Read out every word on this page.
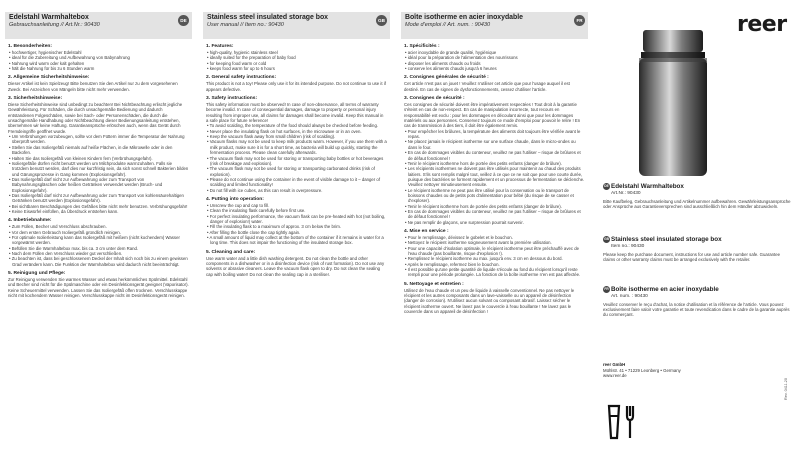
Edelstahl Warmhaltebox
Gebrauchsanleitung // Art.Nr.: 90430
DE
1. Besonderheiten:
• hochwertiger, hygienischer Edelstahl
• ideal für die Zubereitung und Aufbewahrung von Babynahrung
• Nahrung wird warm oder kalt gehalten
• hält die Nahrung für bis zu 6 Stunden warm
2. Allgemeine Sicherheitshinweise:
Dieser Artikel ist kein Spielzeug! Bitte benutzen Sie den Artikel nur zu dem vorgesehenen Zweck. Bei Anzeichen von Mängeln bitte nicht mehr verwenden.
3. Sicherheitshinweise:
Diese Sicherheitshinweise sind unbedingt zu beachten! Bei Nichtbeachtung erlischt jegliche Gewährleistung. Für Schäden, die durch unsachgemäße Bedienung und dadurch entstandenen Folgeschäden, sowie bei Sach- oder Personenschäden, die durch die unsachgemäße Handhabung oder Nichtbeachtung dieser Bedienungsanleitung entstehen, übernehmen wir keine Haftung. Garantieansprüche erlöschen auch, wenn das Gerät durch Fremdeingriffe geöffnet wurde.
• Um Verbrühungen vorzubeugen, sollte vor dem Füttern immer die Temperatur der Nahrung überprüft werden.
• Stellen Sie das Isoliergefäß niemals auf heiße Flächen, in die Mikrowelle oder in den Backofen.
• Halten Sie das Isoliergefäß von kleinen Kindern fern (Verbrühungsgefahr).
• Isoliergefäße dürfen nicht benutzt werden um Milchprodukte warmzuhalten. Falls sie trotzdem benutzt werden, darf dies nur kurzfristig sein, da sich sonst schnell Bakterien bilden und Gärungsprozesse in Gang kommen (Explosionsgefahr).
• Das Isoliergefäß darf nicht zur Aufbewahrung oder zum Transport von Babynahrungsgläschen oder heißen Getränken verwendet werden (Bruch- und Explosionsgefahr).
• Das Isoliergefäß darf nicht zur Aufbewahrung oder zum Transport von kohlensäurehaltigen Getränken benutzt werden (Explosionsgefahr).
• Bei sichtbaren Beschädigungen des Gefäßes bitte nicht mehr benutzen. Verbrühungsgefahr!
• Keine Eiswürfel einfüllen, da Überdruck entstehen kann.
4. Inbetriebnahme:
• Zum Füllen, Becher und Verschluss abschrauben.
• Vor dem ersten Gebrauch Isoliergefäß gründlich reinigen.
• Für optimale Isolierleistung kann das Isoliergefäß mit heißem (nicht kochendem) Wasser vorgewärmt werden.
• Befüllen Sie die Warmhaltebox max. bis ca. 3 cm unter dem Rand.
• Nach dem Füllen den Verschluss wieder gut verschließen.
• Zu beachten ist, dass bei geschlossenem Deckel der Inhalt sich noch bis zu einem gewissen Grad verändern kann. Die Funktion der Warmhaltebox wird dadurch nicht beeinträchtigt.
5. Reinigung und Pflege:
Zur Reinigung verwenden Sie warmes Wasser und etwas herkömmliches Spülmittel. Edelstahl und Becher sind nicht für die Spülmaschine oder ein Desinfektionsgerät geeignet (Vaporisator). Keine Scheuermittel verwenden. Lassen Sie das Isoliergefäß offen trocknen. Verschlusskappe nicht mit kochendem Wasser reinigen. Verschlusskappe nicht im Desinfektionsgerät reinigen.
Stainless steel insulated storage box
User manual // Item no.: 90430
GB
1. Features:
• high-quality, hygienic stainless steel
• ideally suited for the preparation of baby food
• for keeping food warm or cold
• keeps food warm for up to 6 hours
2. General safety instructions:
This product is not a toy! Please only use it for its intended purpose. Do not continue to use it if appears defective.
3. Safety instructions:
This safety information must be observed! In case of non-observance, all terms of warranty become invalid. In case of consequential damages, damage to property or personal injury resulting from improper use, all claims for damages shall become invalid. Keep this manual in a safe place for future reference!
• To avoid scalding, the temperature of the food should always be checked before feeding.
• Never place the insulating flask on hot surfaces, in the microwave or in an oven.
• Keep the vacuum flask away from small children (risk of scalding).
• Vacuum flasks may not be used to keep milk products warm. However, if you use them with a milk product, make sure it is for a short time, as bacteria will build up quickly, starting the fermentation process. Please clean carefully afterwards.
• The vacuum flask may not be used for storing or transporting baby bottles or hot beverages (risk of breakage and explosion).
• The vacuum flask may not be used for storing or transporting carbonated drinks (risk of explosion).
• Please do not continue using the container in the event of visible damage to it – danger of scalding and limited functionality!
• Do not fill with ice cubes, as this can result in overpressure.
4. Putting into operation:
• Unscrew the cup and cap to fill.
• Clean the insulating flask carefully before first use.
• For perfect insulating performance, the vacuum flask can be pre-heated with hot (not boiling, danger of explosion!) water.
• Fill the insulating flask to a maximum of approx. 3 cm below the brim.
• After filling the bottle close the cap tightly again.
• A small amount of liquid may collect at the bottom of the container if it remains in water for a long time. This does not impair the functioning of the insulated storage box.
5. Cleaning and care:
Use warm water and a little dish washing detergent. Do not clean the bottle and other components in a dishwasher or in a disinfection device (risk of rust formation). Do not use any solvents or abrasive cleaners. Leave the vacuum flask open to dry. Do not clean the sealing cap with boiling water! Do not clean the sealing cap in a steriliser.
Boîte isotherme en acier inoxydable
Mode d'emploi // Art. num. : 90430
FR
1. Spécificités :
• acier inoxydable de grande qualité, hygiénique
• idéal pour la préparation de l'alimentation des nourrissons
• disposer les aliments chauds ou froids
• conserve les aliments chauds jusqu'à 6 heures
2. Consignes générales de sécurité :
Cet article n'est pas un jouet ! Veuillez n'utiliser cet article que pour l'usage auquel il est destiné. En cas de signes de dysfonctionnements, cessez d'utiliser l'article.
3. Consignes de sécurité :
Ces consignes de sécurité doivent être impérativement respectées ! Tout droit à la garantie s'éteint en cas de non-respect. En cas de manipulation incorrecte, tout recours en responsabilité est exclu : pour les dommages en découlant ainsi que pour les dommages matériels ou aux personnes. Conservez toujours ce mode d'emploi pour pouvoir le relire ! En cas de transmission à des tiers, il doit être également remis.
• Pour empêcher les brûlures, la température des aliments doit toujours être vérifiée avant le repas.
• Ne placez jamais le récipient isotherme sur une surface chaude, dans le micro-ondes ou dans le four.
• En cas de dommages visibles du conteneur, veuillez ne pas l'utiliser – risque de brûlures et de défaut fonctionnel !
• Tenir le récipient isotherme hors de portée des petits enfants (danger de brûlure).
• Les récipients isothermes ne doivent pas être utilisés pour maintenir au chaud des produits laitiers. S'ils sont remplis malgré tout, veillez à ce que ce ne soit que pour une courte durée, puisque des bactéries se forment rapidement et un processus de fermentation se déclenche. Veuillez nettoyer minutieusement ensuite.
• Le récipient isotherme ne peut pas être utilisé pour la conservation ou le transport de boissons chaudes ou de petits pots d'alimentation pour bébé (du risque de se casser et d'exploser).
• Tenir le récipient isotherme hors de portée des petits enfants (danger de brûlure).
• En cas de dommages visibles du conteneur, veuillez ne pas l'utiliser – risque de brûlures et de défaut fonctionnel !
• Ne pas remplir de glaçons, une surpression pourrait survenir.
4. Mise en service :
• Pour le remplissage, dévissez le gobelet et le bouchon.
• Nettoyez le récipient isotherme soigneusement avant la première utilisation.
• Pour une capacité d'isolation optimale, le récipient isotherme peut être préchauffé avec de l'eau chaude (pas bouillante, risque d'explosion !).
• Remplissez le récipient isotherme au max. jusqu'à env. 3 cm en dessous du bord.
• Après le remplissage, refermez bien le bouchon.
• Il est possible qu'une petite quantité de liquide s'écoule au fond du récipient lorsqu'il reste rempli pour une période prolongée. La fonction de la boîte isotherme n'en est pas affectée.
5. Nettoyage et entretien :
Utilisez de l'eau chaude et un peu de liquide à vaisselle conventionnel. Ne pas nettoyer le récipient et les autres composants dans un lave-vaisselle ou un appareil de désinfection (danger de corrosion). N'utilisez aucun solvant ou composant abrasif. Laissez sécher le récipient isotherme ouvert. Ne lavez pas le couvercle à l'eau bouillante ! Ne lavez pas le couvercle dans un appareil de désinfection !
reer
DE Edelstahl Warmhaltebox
Art.Nr.: 90430
Bitte Kaufbeleg, Gebrauchsanleitung und Artikelnummer aufbewahren. Gewährleistungsansprüche oder Ansprüche aus Garantieversprechen sind ausschließlich hin dem Händler abzuwickeln.
GB Stainless steel insulated storage box
Item no.: 90430
Please keep the purchase document, instructions for use and article number safe. Guarantee claims or other warranty claims must be arranged exclusively with the retailer.
FR Boîte isotherme en acier inoxydable
Art. num. : 90430
Veuillez conserver le reçu d'achat, la notice d'utilisation et la référence de l'article. Vous pouvez exclusivement faire valoir votre garantie et toute revendication dans le cadre de la garantie auprès du commerçant.
reer GmbH
Mühlstr. 41 • 71229 Leonberg • Germany
www.reer.de
Rev. 0411.20
